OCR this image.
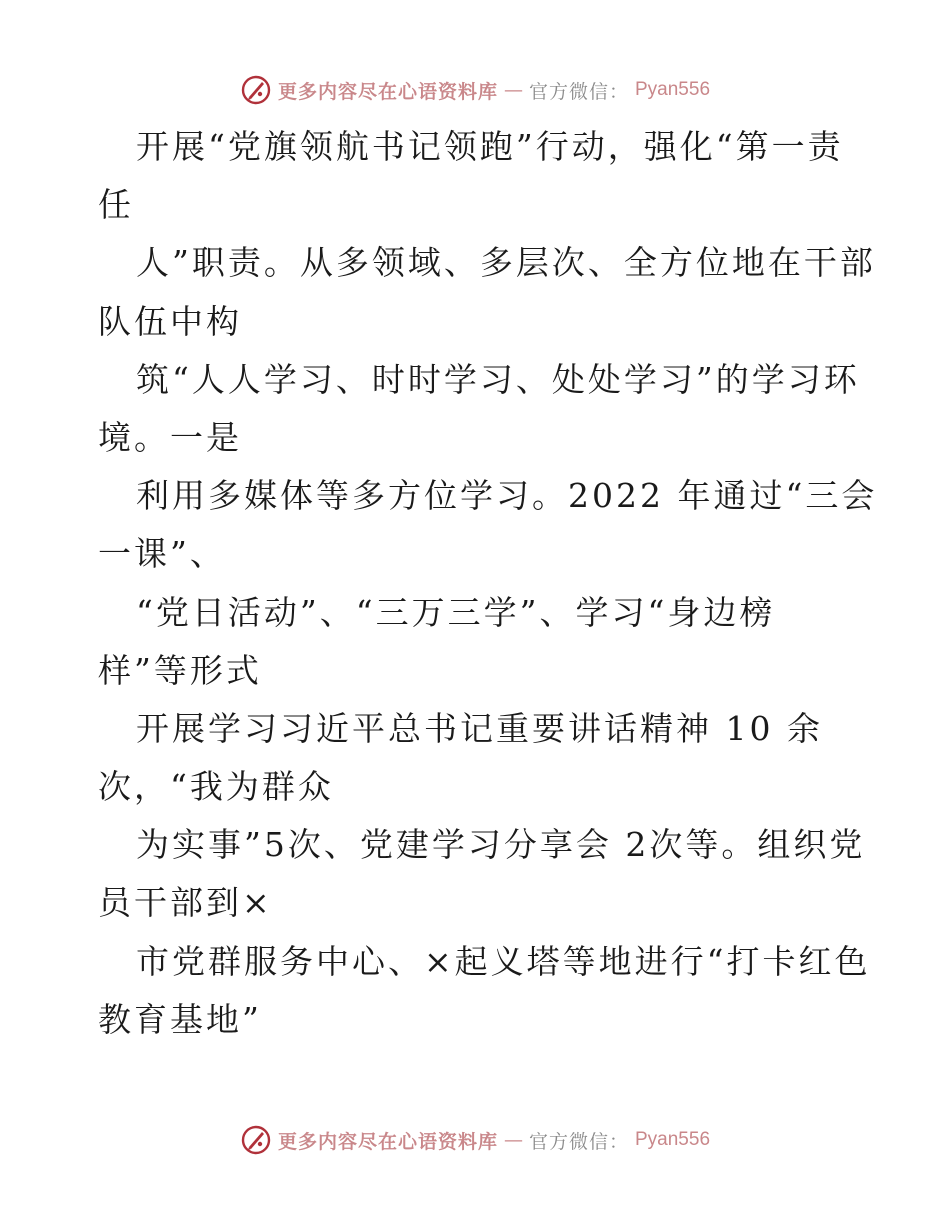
更多内容尽在心语资料库 — 官方微信： Pyan556
开展“党旗领航书记领跑”行动，强化“第一责
任
人”职责。从多领域、多层次、全方位地在干部
队伍中构
筑“人人学习、时时学习、处处学习”的学习环
境。一是
利用多媒体等多方位学习。2022 年通过“三会
一课”、
“党日活动”、“三万三学”、学习“身边榜
样”等形式
开展学习习近平总书记重要讲话精神 10 余
次，“我为群众
为实事”5次、党建学习分享会 2次等。组织党
员干部到×
市党群服务中心、×起义塔等地进行“打卡红色
教育基地”
更多内容尽在心语资料库 — 官方微信： Pyan556
